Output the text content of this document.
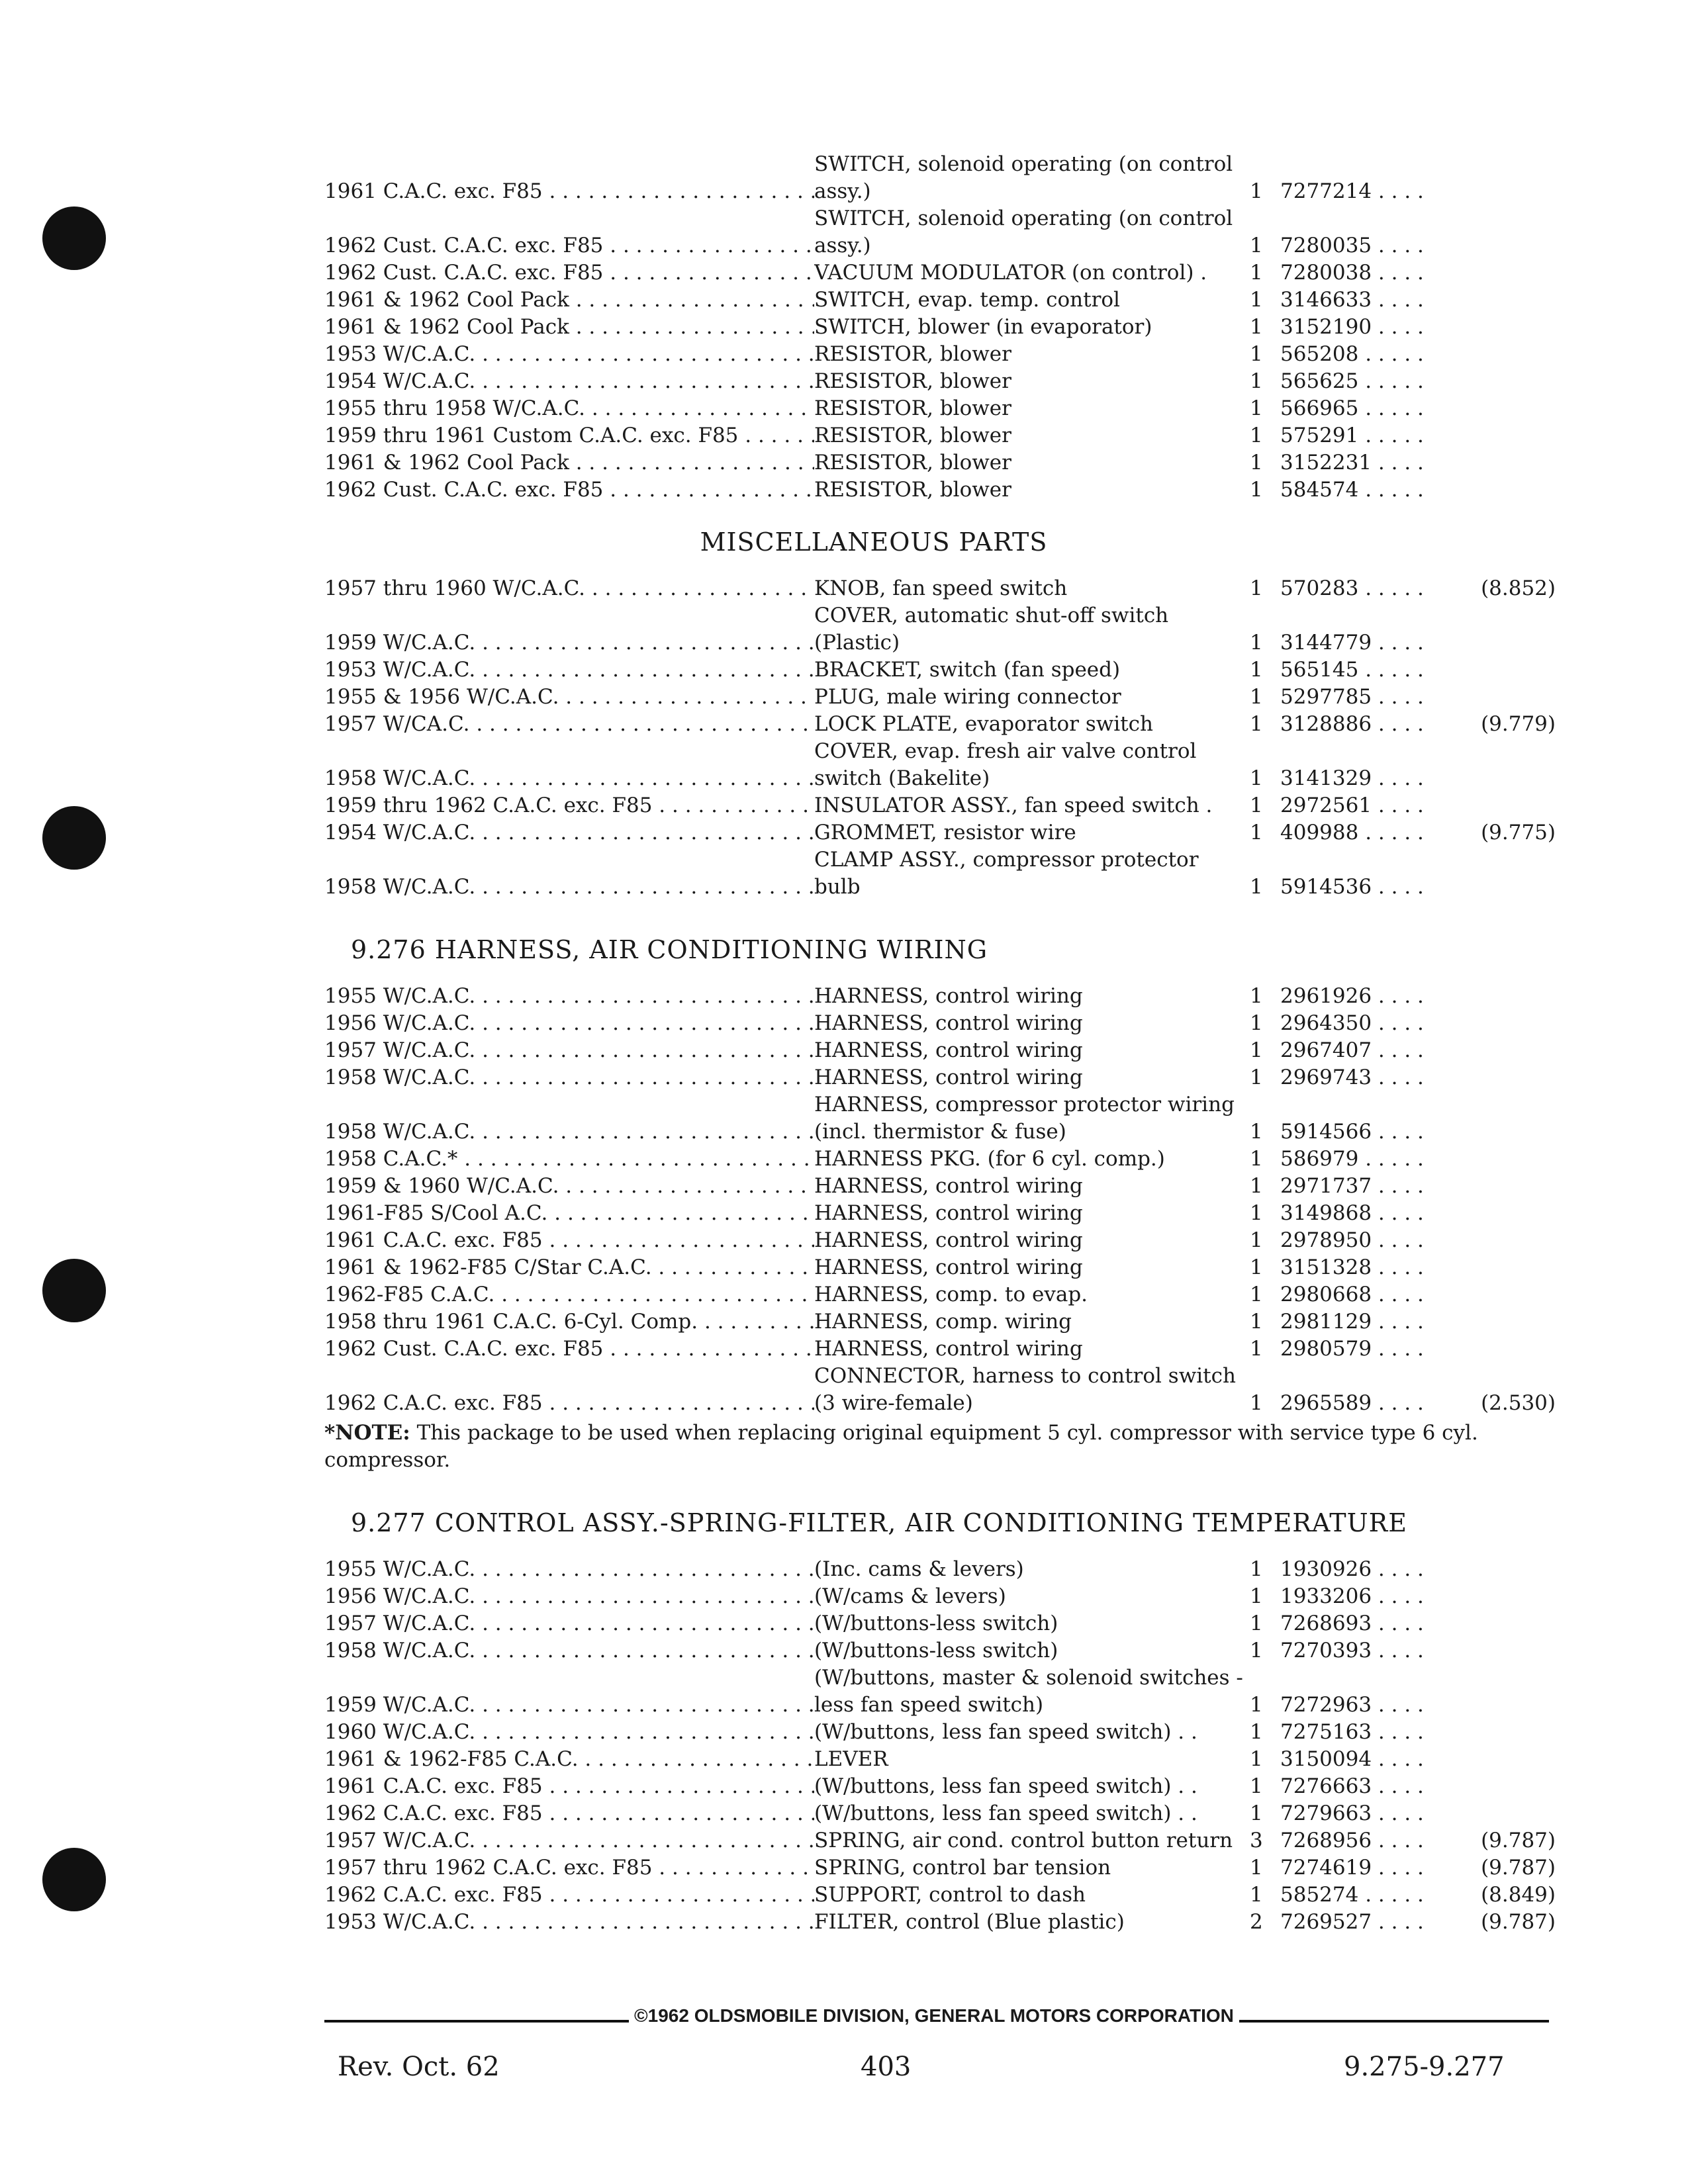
1961 C.A.C. exc. F85 . . .
SWITCH, solenoid operating (on control assy.)	1 7277214 . . .
1962 Cust. C.A.C. exc. F85 . . .
SWITCH, solenoid operating (on control assy.)	1 7280035 . . .
1962 Cust. C.A.C. exc. F85 . . .	VACUUM MODULATOR (on control) .	1 7280038 . . .
1961 & 1962 Cool Pack . . .	SWITCH, evap. temp. control	1 3146633 . . .
1961 & 1962 Cool Pack . . .	SWITCH, blower (in evaporator)	1 3152190 . . .
1953 W/C.A.C. . . .	RESISTOR, blower	1 565208 . . .
1954 W/C.A.C. . . .	RESISTOR, blower	1 565625 . . .
1955 thru 1958 W/C.A.C. . . .	RESISTOR, blower	1 566965 . . .
1959 thru 1961 Custom C.A.C. exc. F85 . . . .	RESISTOR, blower	1 575291 . . .
1961 & 1962 Cool Pack . . .	RESISTOR, blower	1 3152231 . . .
1962 Cust. C.A.C. exc. F85 . . .	RESISTOR, blower	1 584574 . . .
MISCELLANEOUS PARTS
1957 thru 1960 W/C.A.C. . . .	KNOB, fan speed switch	1 570283 . . .	(8.852)
1959 W/C.A.C. . . .
COVER, automatic shut-off switch (Plastic)	1 3144779 . . .
1953 W/C.A.C. . . .	BRACKET, switch (fan speed)	1 565145 . . .
1955 & 1956 W/C.A.C. . . .	PLUG, male wiring connector	1 5297785 . . .
1957 W/CA.C. . . .	LOCK PLATE, evaporator switch	1 3128886 . . .	(9.779)
1958 W/C.A.C. . . .
COVER, evap. fresh air valve control switch (Bakelite)	1 3141329 . . .
1959 thru 1962 C.A.C. exc. F85 . . .	INSULATOR ASSY., fan speed switch .	1 2972561 . . .
1954 W/C.A.C. . . .	GROMMET, resistor wire	1 409988 . . .	(9.775)
1958 W/C.A.C. . . .
CLAMP ASSY., compressor protector bulb	1 5914536 . . .
9.276 HARNESS, AIR CONDITIONING WIRING
1955 W/C.A.C. . . .	HARNESS, control wiring	1 2961926 . . .
1956 W/C.A.C. . . .	HARNESS, control wiring	1 2964350 . . .
1957 W/C.A.C. . . .	HARNESS, control wiring	1 2967407 . . .
1958 W/C.A.C. . . .	HARNESS, control wiring	1 2969743 . . .
1958 W/C.A.C. . . .
HARNESS, compressor protector wiring (incl. thermistor & fuse)	1 5914566 . . .
1958 C.A.C.* . . .	HARNESS PKG. (for 6 cyl. comp.)	1 586979 . . .
1959 & 1960 W/C.A.C. . . .	HARNESS, control wiring	1 2971737 . . .
1961-F85 S/Cool A.C. . . .	HARNESS, control wiring	1 3149868 . . .
1961 C.A.C. exc. F85 . . .	HARNESS, control wiring	1 2978950 . . .
1961 & 1962-F85 C/Star C.A.C. . . .	HARNESS, control wiring	1 3151328 . . .
1962-F85 C.A.C. . . .	HARNESS, comp. to evap.	1 2980668 . . .
1958 thru 1961 C.A.C. 6-Cyl. Comp. . . . . . .	HARNESS, comp. wiring	1 2981129 . . .
1962 Cust. C.A.C. exc. F85 . . .	HARNESS, control wiring	1 2980579 . . .
1962 C.A.C. exc. F85 . . .
CONNECTOR, harness to control switch (3 wire-female)	1 2965589 . . .	(2.530)
*NOTE: This package to be used when replacing original equipment 5 cyl. compressor with service type 6 cyl. compressor.
9.277 CONTROL ASSY.-SPRING-FILTER, AIR CONDITIONING TEMPERATURE
1955 W/C.A.C. . . .	(Inc. cams & levers)	1 1930926 . . .
1956 W/C.A.C. . . .	(W/cams & levers)	1 1933206 . . .
1957 W/C.A.C. . . .	(W/buttons-less switch)	1 7268693 . . .
1958 W/C.A.C. . . .	(W/buttons-less switch)	1 7270393 . . .
1959 W/C.A.C. . . .
(W/buttons, master & solenoid switches -less fan speed switch)	1 7272963 . . .
1960 W/C.A.C. . . .	(W/buttons, less fan speed switch) . .	1 7275163 . . .
1961 & 1962-F85 C.A.C. . . .	LEVER	1 3150094 . . .
1961 C.A.C. exc. F85 . . .	(W/buttons, less fan speed switch) . .	1 7276663 . . .
1962 C.A.C. exc. F85 . . .	(W/buttons, less fan speed switch) . .	1 7279663 . . .
1957 W/C.A.C. . . .	SPRING, air cond. control button return 3 7268956 . . .	(9.787)
1957 thru 1962 C.A.C. exc. F85 . . .	SPRING, control bar tension	1 7274619 . . .	(9.787)
1962 C.A.C. exc. F85 . . .	SUPPORT, control to dash	1 585274 . . .	(8.849)
1953 W/C.A.C. . . .	FILTER, control (Blue plastic)	2 7269527 . . .	(9.787)
©1962 OLDSMOBILE DIVISION, GENERAL MOTORS CORPORATION
Rev. Oct. 62	403	9.275-9.277
